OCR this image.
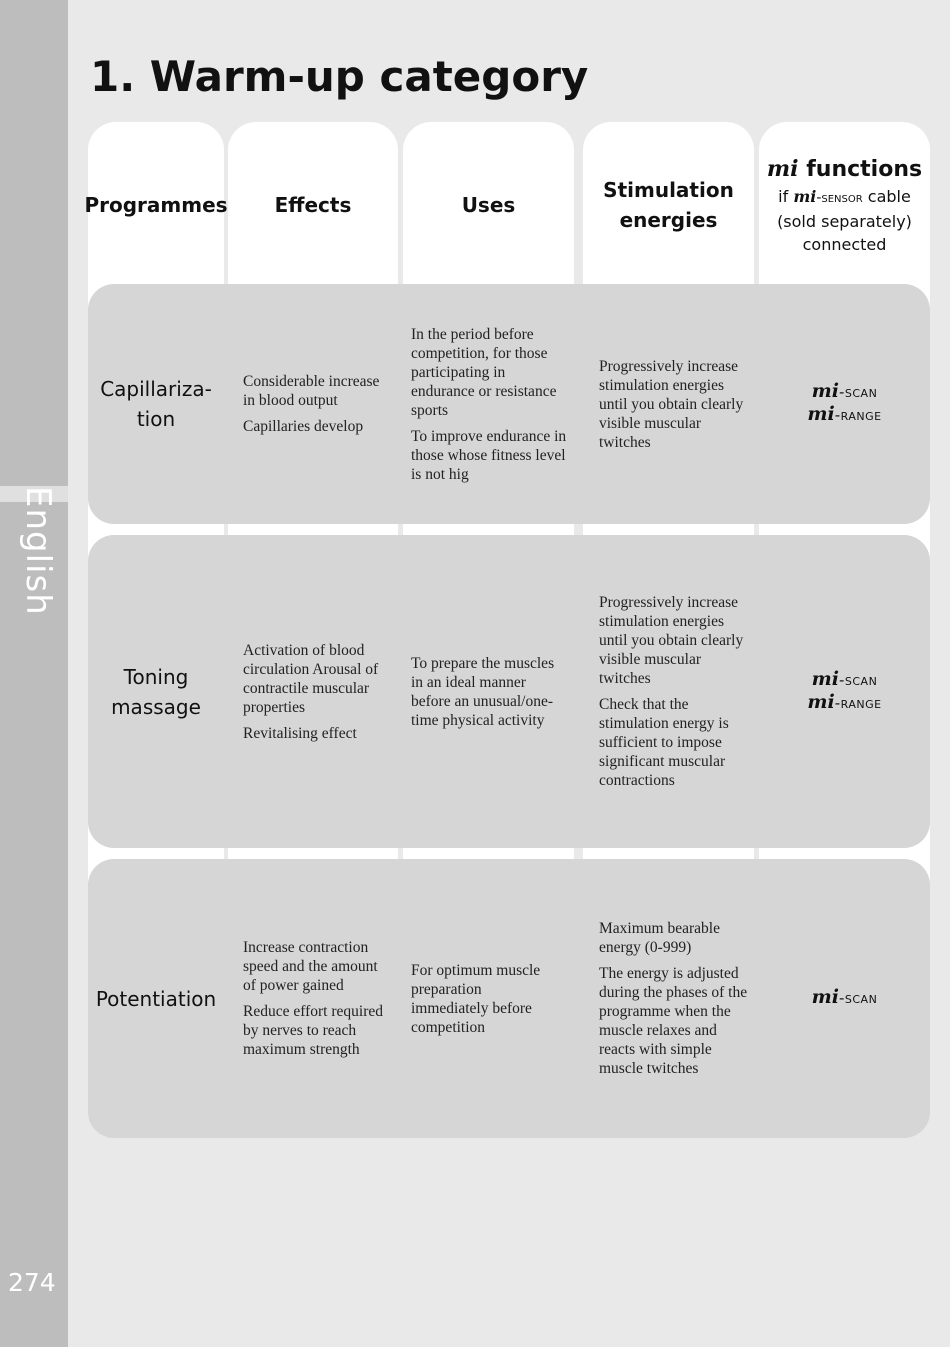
English
274
1. Warm-up category
Programmes Effects	Uses
Stimulation
energies
mi functions
if mi-sensor cable
(sold separately)
connected
Capillariza-
tion

Considerable increase in blood output

Capillaries develop

In the period before competition, for those participating in endurance or resistance sports

To improve endurance in those whose fitness level is not hig

Progressively increase stimulation energies until you obtain clearly visible muscular twitches

mi-scan
mi-range
Toning
massage

Activation of blood circulation Arousal of contractile muscular properties

Revitalising effect

To prepare the muscles in an ideal manner before an unusual/one-time physical activity

Progressively increase stimulation energies until you obtain clearly visible muscular twitches

Check that the stimulation energy is sufficient to impose significant muscular contractions

mi-scan
mi-range
Potentiation

Increase contraction speed and the amount of power gained

Reduce effort required by nerves to reach maximum strength

For optimum muscle preparation immediately before competition

Maximum bearable energy (0-999)

The energy is adjusted during the phases of the programme when the muscle relaxes and reacts with simple muscle twitches

mi-scan
